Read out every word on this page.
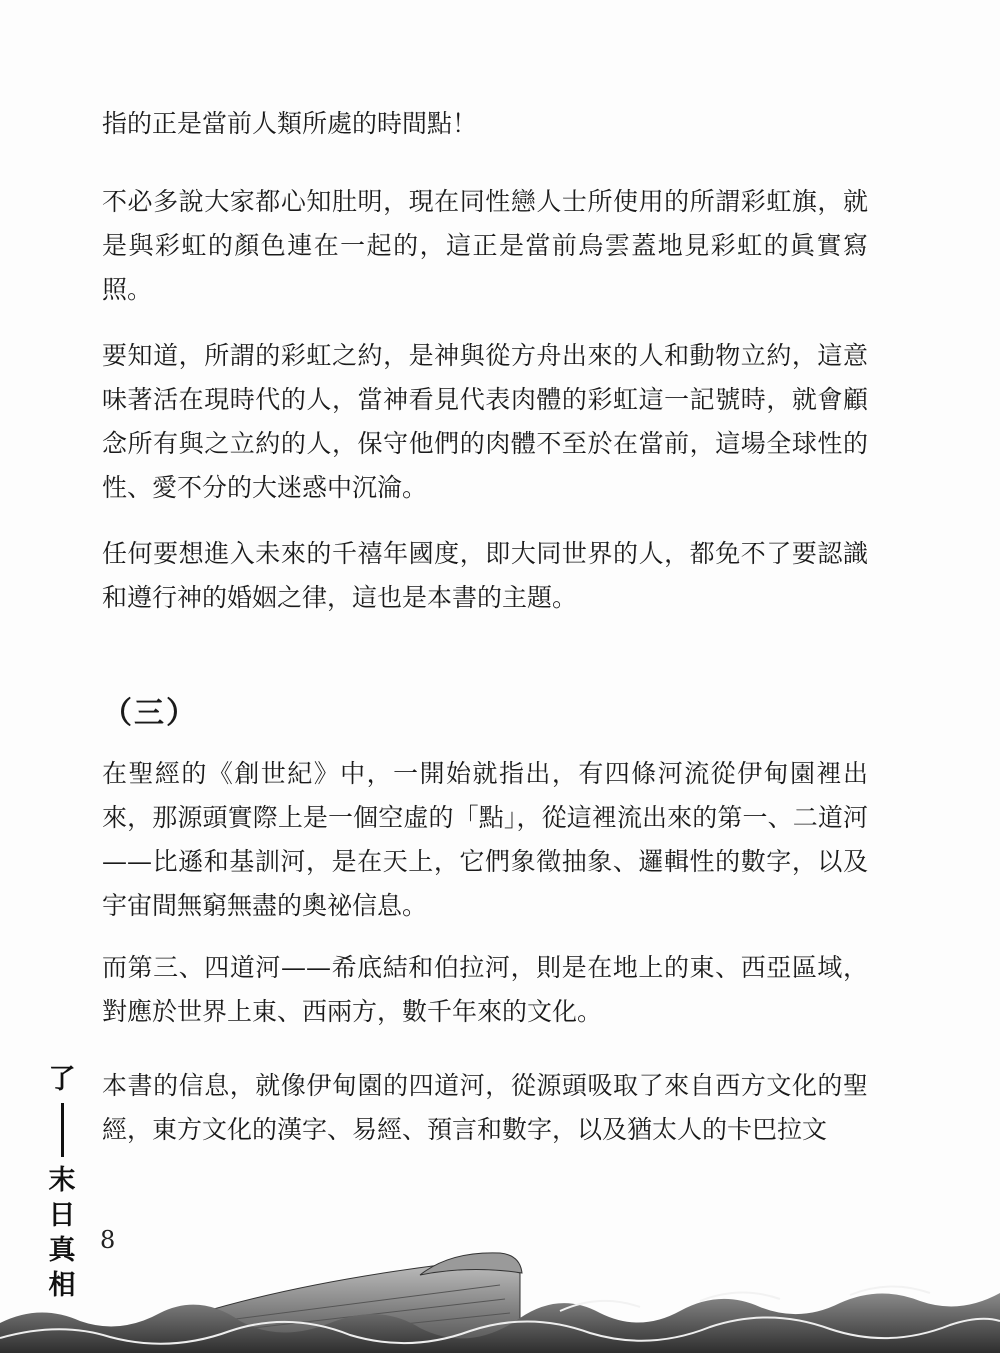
指的正是當前人類所處的時間點！

不必多說大家都心知肚明，現在同性戀人士所使用的所謂彩虹旗，就是與彩虹的顏色連在一起的，這正是當前烏雲蓋地見彩虹的眞實寫照。

要知道，所謂的彩虹之約，是神與從方舟出來的人和動物立約，這意味著活在現時代的人，當神看見代表肉體的彩虹這一記號時，就會顧念所有與之立約的人，保守他們的肉體不至於在當前，這場全球性的性、愛不分的大迷惑中沉淪。

任何要想進入未來的千禧年國度，即大同世界的人，都免不了要認識和遵行神的婚姻之律，這也是本書的主題。

（三）

在聖經的《創世紀》中，一開始就指出，有四條河流從伊甸園裡出來，那源頭實際上是一個空虛的「點」，從這裡流出來的第一、二道河——比遜和基訓河，是在天上，它們象徵抽象、邏輯性的數字，以及宇宙間無窮無盡的奧祕信息。

而第三、四道河——希底結和伯拉河，則是在地上的東、西亞區域，對應於世界上東、西兩方，數千年來的文化。

本書的信息，就像伊甸園的四道河，從源頭吸取了來自西方文化的聖經，東方文化的漢字、易經、預言和數字，以及猶太人的卡巴拉文

了
末
日
真
相
8
